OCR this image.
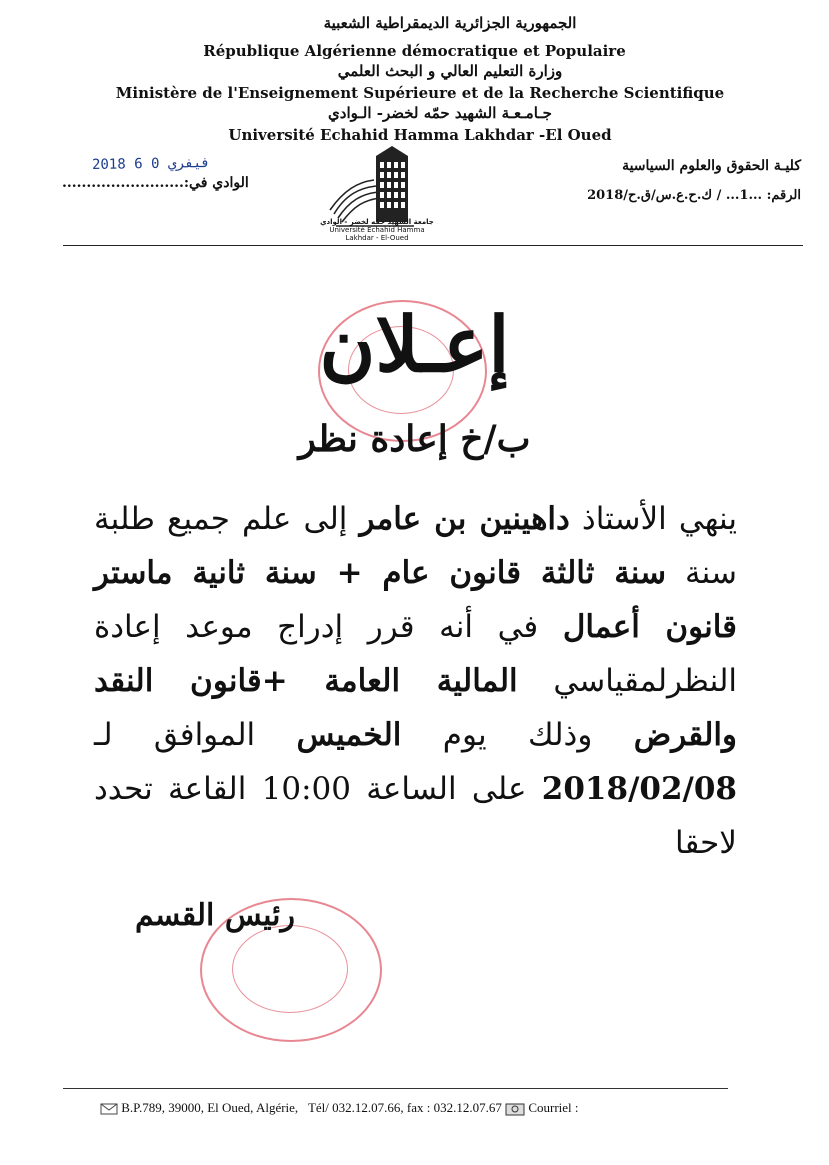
الجمهورية الجزائرية الديمقراطية الشعبية
République Algérienne démocratique et Populaire
وزارة التعليم العالي و البحث العلمي
Ministère de l'Enseignement Supérieure et de la Recherche Scientifique
جـامـعـة الشهيد حمّه لخضر- الـوادي
Université Echahid Hamma Lakhdar -El Oued
كليـة الحقوق والعلوم السياسية
الرقم: ...1... / ك.ح.ع.س/ق.ح/2018
2018 فيفري 0 6
الوادي في:.........................
جامعة الشهيد حمّه لخضر - الوادي
Université Echahid Hamma Lakhdar - El-Oued
إعـلان
ب/خ إعادة نظر
ينهي الأستاذ داهينين بن عامر إلى علم جميع طلبة سنة سنة ثالثة قانون عام + سنة ثانية ماستر قانون أعمال في أنه قرر إدراج موعد إعادة النظرلمقياسي المالية العامة +قانون النقد والقرض وذلك يوم الخميس الموافق لـ 2018/02/08 على الساعة 10:00 القاعة تحدد لاحقا
رئيس القسم
B.P.789, 39000, El Oued, Algérie, Tél/ 032.12.07.66, fax : 032.12.07.67 Courriel :
